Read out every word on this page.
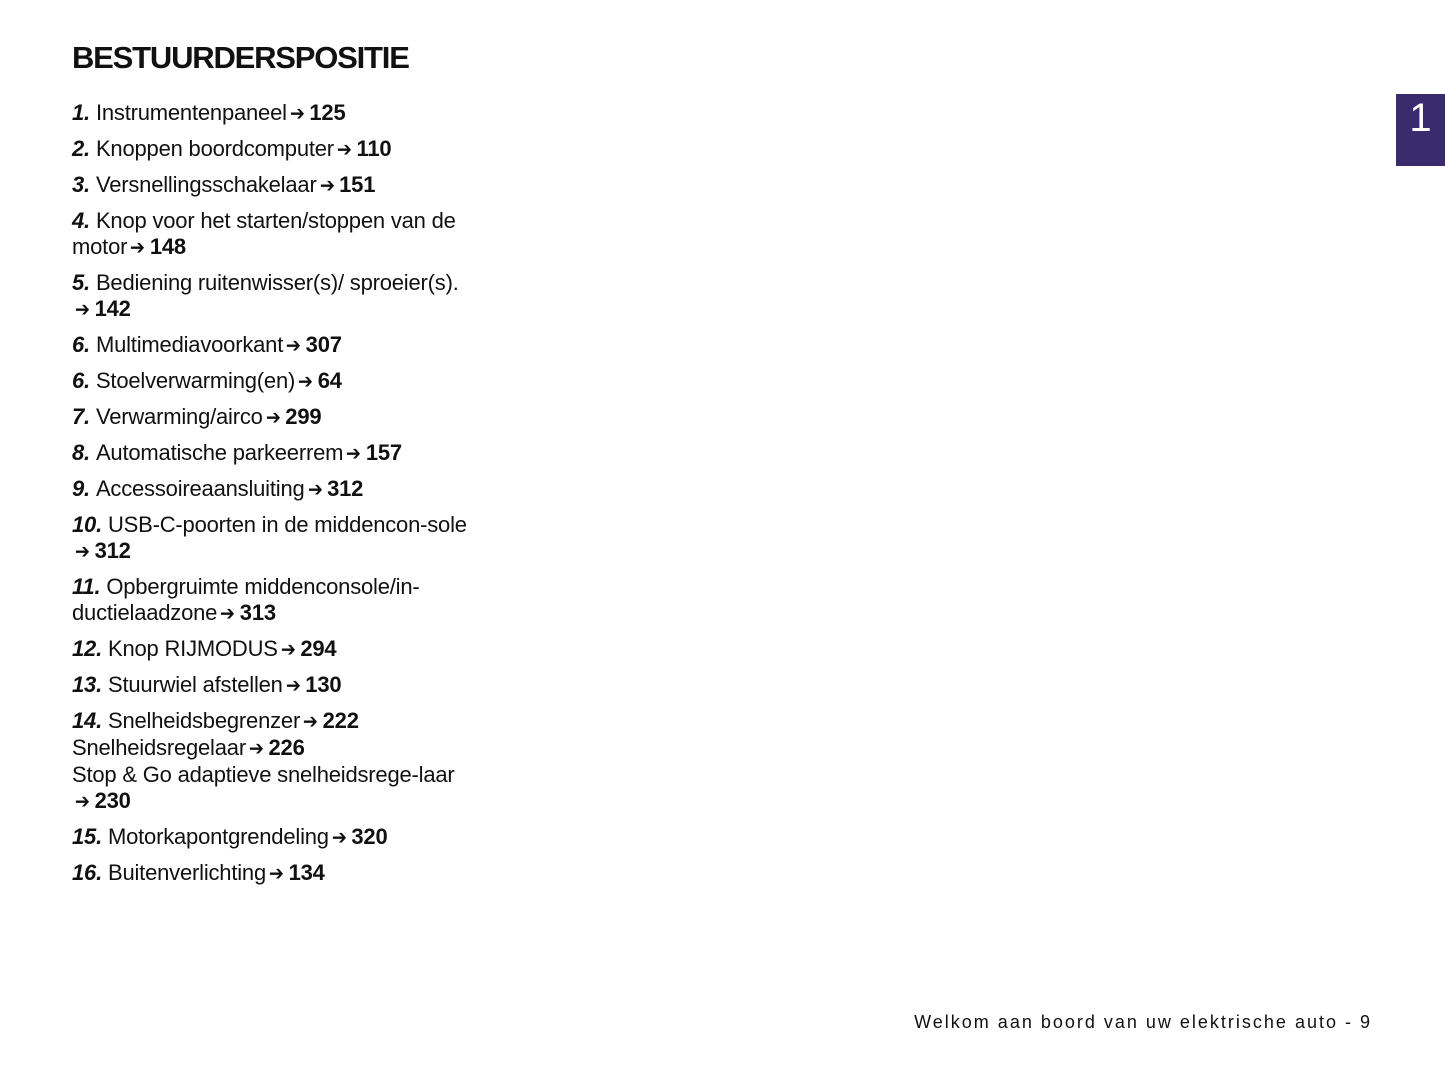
BESTUURDERSPOSITIE
1. Instrumentenpaneel ➔ 125
2. Knoppen boordcomputer ➔ 110
3. Versnellingsschakelaar ➔ 151
4. Knop voor het starten/stoppen van de motor ➔ 148
5. Bediening ruitenwisser(s)/ sproeier(s).➔ 142
6. Multimediavoorkant ➔ 307
6. Stoelverwarming(en) ➔ 64
7. Verwarming/airco ➔ 299
8. Automatische parkeerrem ➔ 157
9. Accessoireaansluiting ➔ 312
10. USB-C-poorten in de middencon-sole➔ 312
11. Opbergruimte middenconsole/in-ductielaadzone ➔ 313
12. Knop RIJMODUS ➔ 294
13. Stuurwiel afstellen ➔ 130
14. Snelheidsbegrenzer ➔ 222
Snelheidsregelaar ➔ 226
Stop & Go adaptieve snelheidsrege-laar➔ 230
15. Motorkapontgrendeling ➔ 320
16. Buitenverlichting ➔ 134
1
Welkom aan boord van uw elektrische auto - 9
